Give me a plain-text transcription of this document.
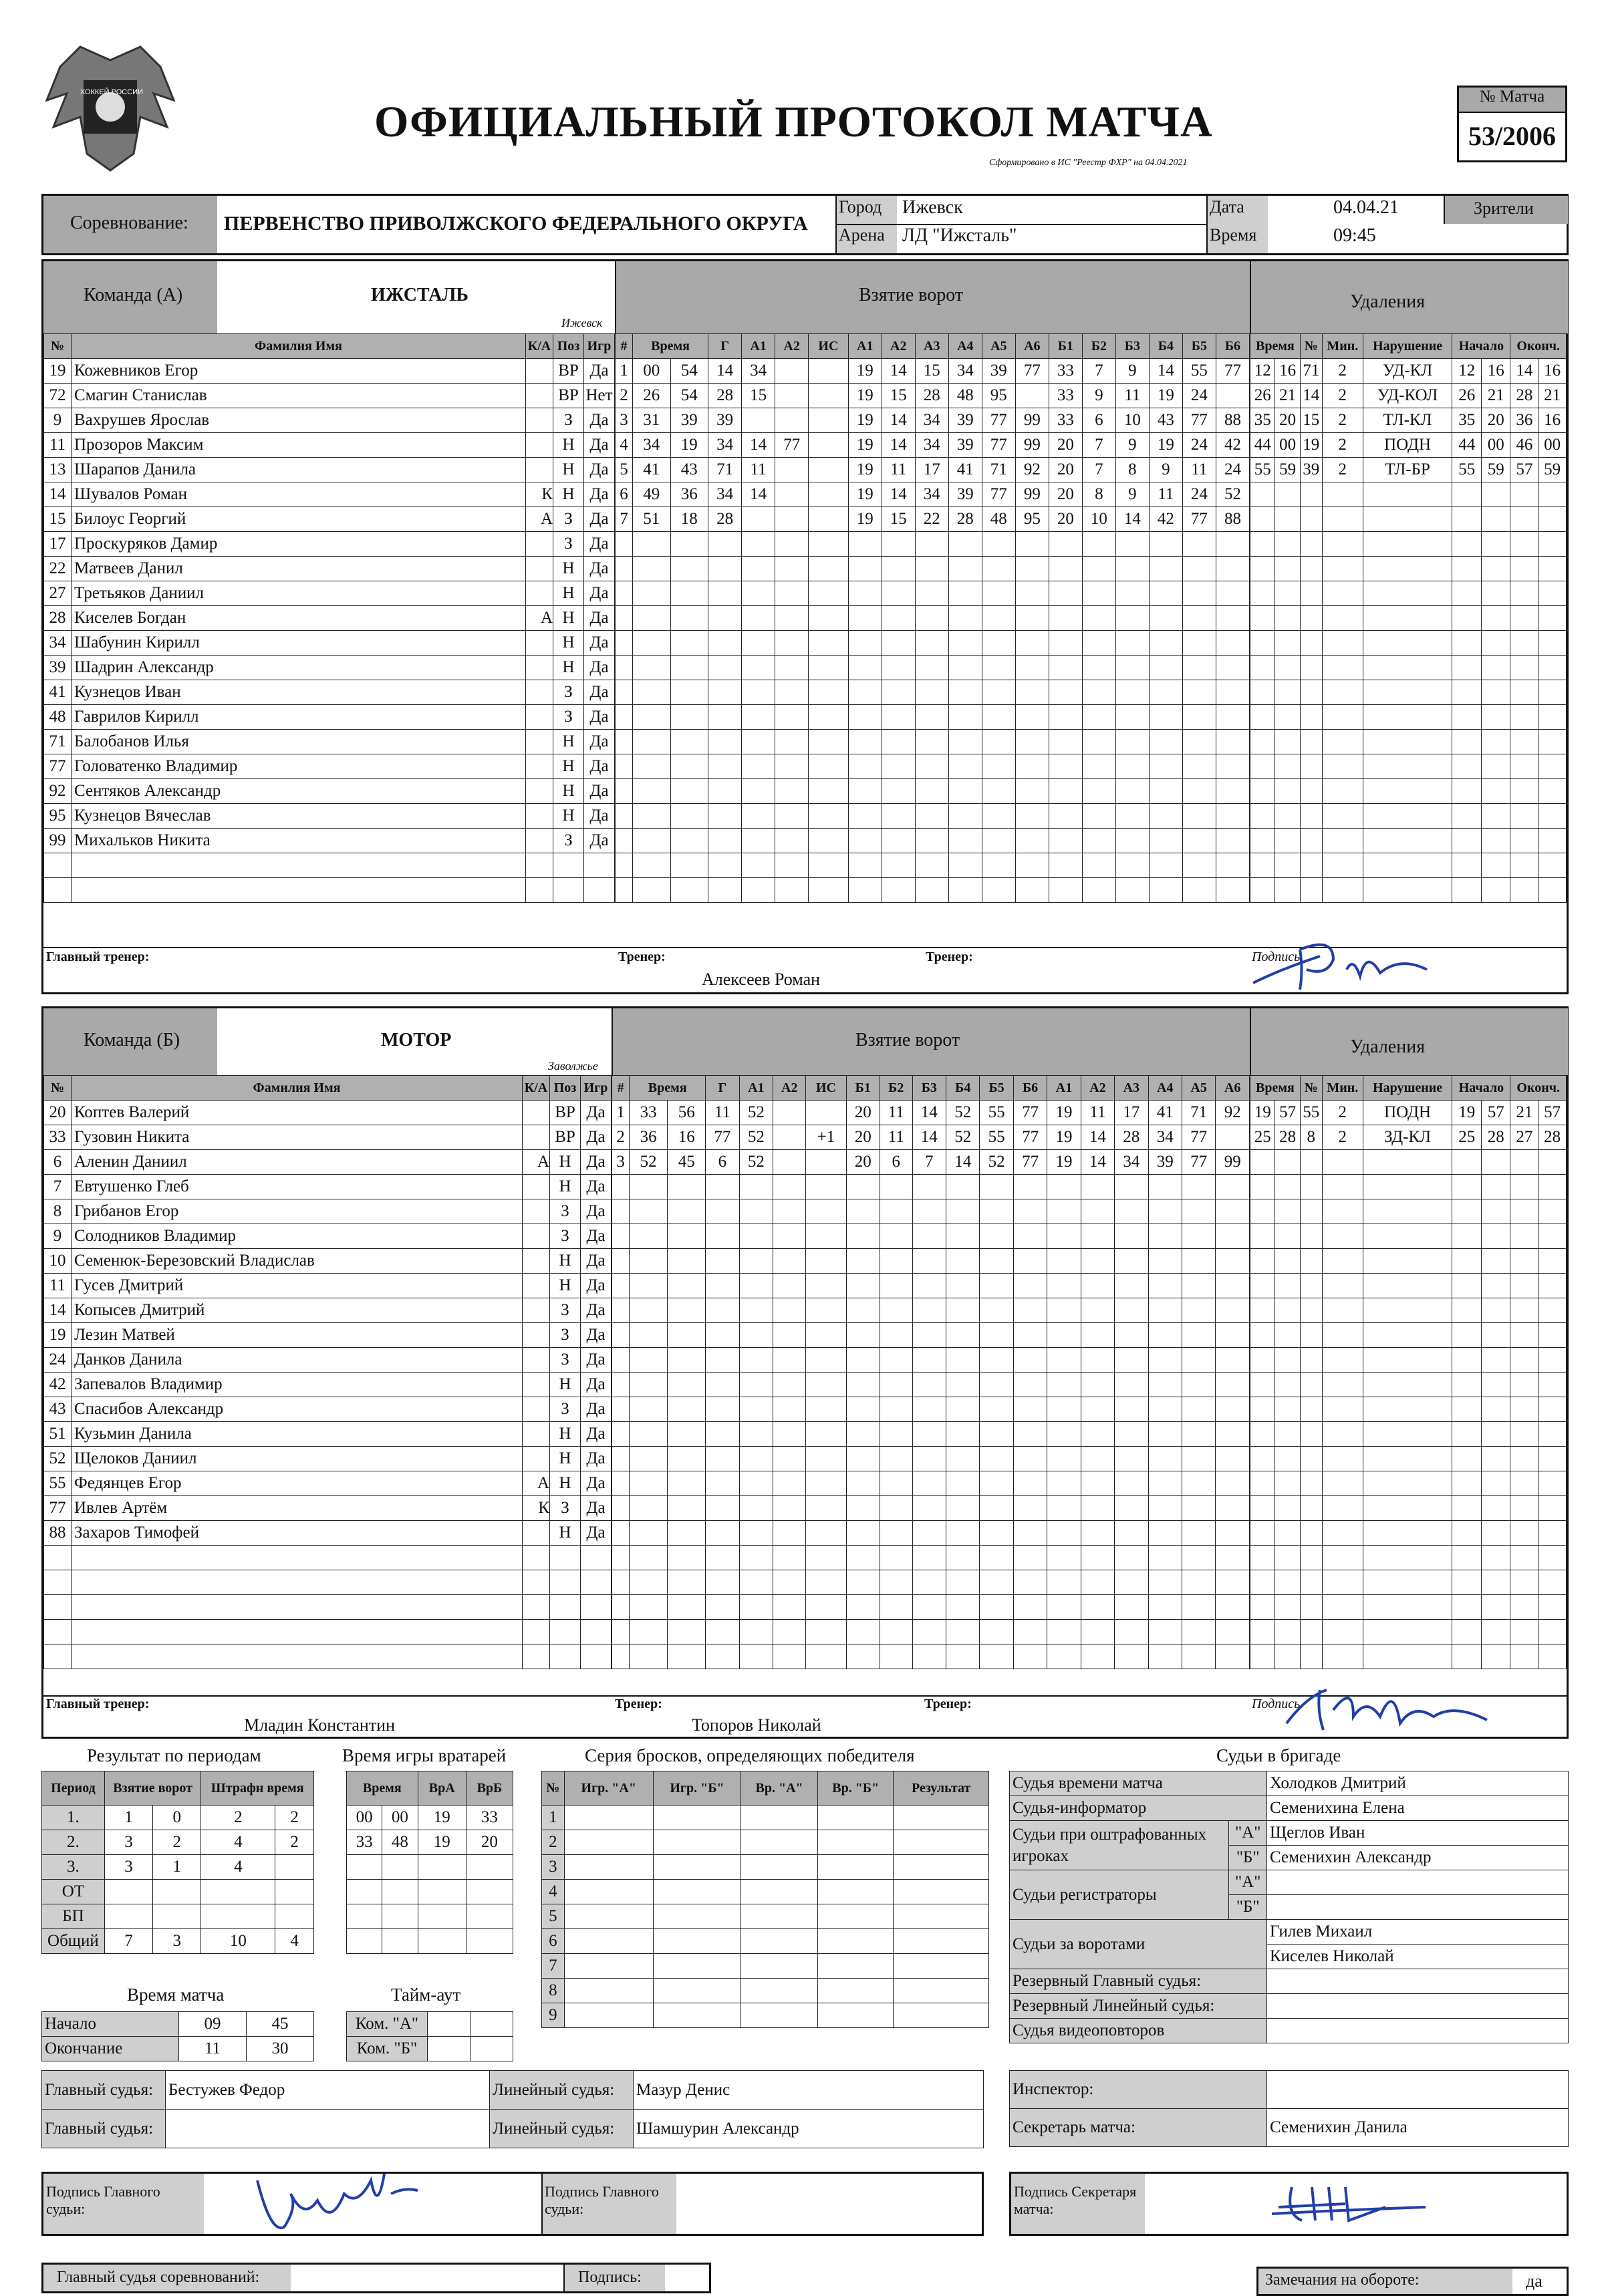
ХОККЕЙ РОССИИ
ОФИЦИАЛЬНЫЙ ПРОТОКОЛ МАТЧА
Сформировано в ИС "Реестр ФХР" на 04.04.2021
№ Матча
53/2006
Соревнование: ПЕРВЕНСТВО ПРИВОЛЖСКОГО ФЕДЕРАЛЬНОГО ОКРУГА
Город Ижевск
Арена ЛД "Ижсталь"
Дата	04.04.21
Время	09:45
Зрители
Команда (А)	ИЖСТАЛЬ
Ижевск
Взятие ворот	Удаления
№	Фамилия Имя	К/А	Поз	Игр
19	Кожевников Егор		ВР	Да
72	Смагин Станислав		ВР	Нет
9	Вахрушев Ярослав		З	Да
11	Прозоров Максим		Н	Да
13	Шарапов Данила		Н	Да
14	Шувалов Роман	К	Н	Да
15	Билоус Георгий	А	З	Да
17	Проскуряков Дамир		З	Да
22	Матвеев Данил		Н	Да
27	Третьяков Даниил		Н	Да
28	Киселев Богдан	А	Н	Да
34	Шабунин Кирилл		Н	Да
39	Шадрин Александр		Н	Да
41	Кузнецов Иван		З	Да
48	Гаврилов Кирилл		З	Да
71	Балобанов Илья		Н	Да
77	Головатенко Владимир		Н	Да
92	Сентяков Александр		Н	Да
95	Кузнецов Вячеслав		Н	Да
99	Михальков Никита		З	Да

#	Время		Г	А1	А2	ИС	А1	А2	А3	А4	А5	А6	Б1	Б2	Б3	Б4	Б5	Б6
1	00	54	14	34			19	14	15	34	39	77	33	7	9	14	55	77
2	26	54	28	15			19	15	28	48	95		33	9	11	19	24	
3	31	39	39				19	14	34	39	77	99	33	6	10	43	77	88
4	34	19	34	14	77		19	14	34	39	77	99	20	7	9	19	24	42
5	41	43	71	11			19	11	17	41	71	92	20	7	8	9	11	24
6	49	36	34	14			19	14	34	39	77	99	20	8	9	11	24	52
7	51	18	28				19	15	22	28	48	95	20	10	14	42	77	88

Время		№	Мин.	Нарушение	Начало		Оконч.	
12	16	71	2	УД-КЛ	12	16	14	16
26	21	14	2	УД-КОЛ	26	21	28	21
35	20	15	2	ТЛ-КЛ	35	20	36	16
44	00	19	2	ПОДН	44	00	46	00
55	59	39	2	ТЛ-БР	55	59	57	59

Главный тренер:	Тренер:
Алексеев Роман
Тренер:	Подпись
Команда (Б)	МОТОР
Заволжье
Взятие ворот	Удаления
№	Фамилия Имя	К/А	Поз	Игр
20	Коптев Валерий		ВР	Да
33	Гузовин Никита		ВР	Да
6	Аленин Даниил	А	Н	Да
7	Евтушенко Глеб		Н	Да
8	Грибанов Егор		З	Да
9	Солодников Владимир		З	Да
10	Семенюк-Березовский Владислав		Н	Да
11	Гусев Дмитрий		Н	Да
14	Копысев Дмитрий		З	Да
19	Лезин Матвей		З	Да
24	Данков Данила		З	Да
42	Запевалов Владимир		Н	Да
43	Спасибов Александр		З	Да
51	Кузьмин Данила		Н	Да
52	Щелоков Даниил		Н	Да
55	Федянцев Егор	А	Н	Да
77	Ивлев Артём	К	З	Да
88	Захаров Тимофей		Н	Да

#	Время		Г	А1	А2	ИС	Б1	Б2	Б3	Б4	Б5	Б6	А1	А2	А3	А4	А5	А6
1	33	56	11	52			20	11	14	52	55	77	19	11	17	41	71	92
2	36	16	77	52		+1	20	11	14	52	55	77	19	14	28	34	77	
3	52	45	6	52			20	6	7	14	52	77	19	14	34	39	77	99

Время		№	Мин.	Нарушение	Начало		Оконч.	
19	57	55	2	ПОДН	19	57	21	57
25	28	8	2	ЗД-КЛ	25	28	27	28

Главный тренер:
Младин Константин
Тренер:
Топоров Николай
Тренер:	Подпись
Результат по периодам
Период	Взятие ворот		Штрафн время	
1.	1	0	2	2
2.	3	2	4	2
3.	3	1	4	
ОТ				
БП				
Общий	7	3	10	4
Время игры вратарей
Время		ВрА	ВрБ
00	00	19	33
33	48	19	20

Время матча
Начало	09	45
Окончание	11	30
Тайм-аут
Ком. "А"		
Ком. "Б"		
Серия бросков, определяющих победителя
№	Игр. "А"	Игр. "Б"	Вр. "А"	Вр. "Б"	Результат
1					
2					
3					
4					
5					
6					
7					
8					
9					
Судьи в бригаде
Судья времени матча		Холодков Дмитрий
Судья-информатор		Семенихина Елена
Судьи при оштрафованных игроках	"А"	Щеглов Иван
	"Б"	Семенихин Александр
Судьи регистраторы	"А"	
	"Б"	
Судьи за воротами		Гилев Михаил
		Киселев Николай
Резервный Главный судья:		
Резервный Линейный судья:		
Судья видеоповторов		
Главный судья:	Бестужев Федор	Линейный судья:	Мазур Денис
Главный судья:		Линейный судья:	Шамшурин Александр
Инспектор:	
Секретарь матча:	Семенихин Данила
Подпись Главного судьи:
Подпись Главного судьи:
Подпись Секретаря матча:
Главный судья соревнований:	Подпись:	Замечания на обороте:	да
